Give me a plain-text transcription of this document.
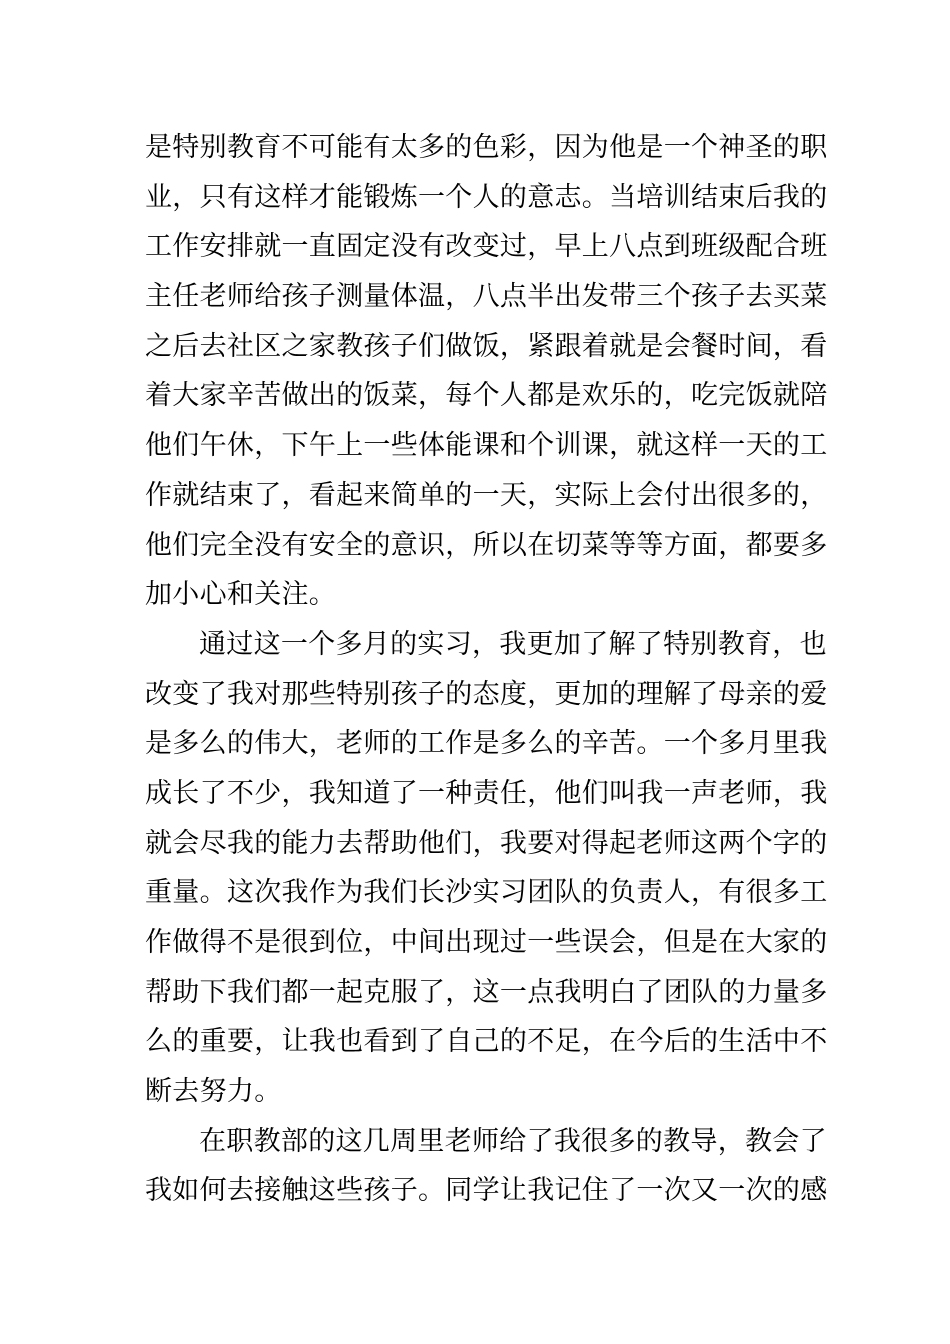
是特别教育不可能有太多的色彩，因为他是一个神圣的职
业，只有这样才能锻炼一个人的意志。当培训结束后我的
工作安排就一直固定没有改变过，早上八点到班级配合班
主任老师给孩子测量体温，八点半出发带三个孩子去买菜
之后去社区之家教孩子们做饭，紧跟着就是会餐时间，看
着大家辛苦做出的饭菜，每个人都是欢乐的，吃完饭就陪
他们午休，下午上一些体能课和个训课，就这样一天的工
作就结束了，看起来简单的一天，实际上会付出很多的，
他们完全没有安全的意识，所以在切菜等等方面，都要多
加小心和关注。
通过这一个多月的实习，我更加了解了特别教育，也
改变了我对那些特别孩子的态度，更加的理解了母亲的爱
是多么的伟大，老师的工作是多么的辛苦。一个多月里我
成长了不少，我知道了一种责任，他们叫我一声老师，我
就会尽我的能力去帮助他们，我要对得起老师这两个字的
重量。这次我作为我们长沙实习团队的负责人，有很多工
作做得不是很到位，中间出现过一些误会，但是在大家的
帮助下我们都一起克服了，这一点我明白了团队的力量多
么的重要，让我也看到了自己的不足，在今后的生活中不
断去努力。
在职教部的这几周里老师给了我很多的教导，教会了
我如何去接触这些孩子。同学让我记住了一次又一次的感
